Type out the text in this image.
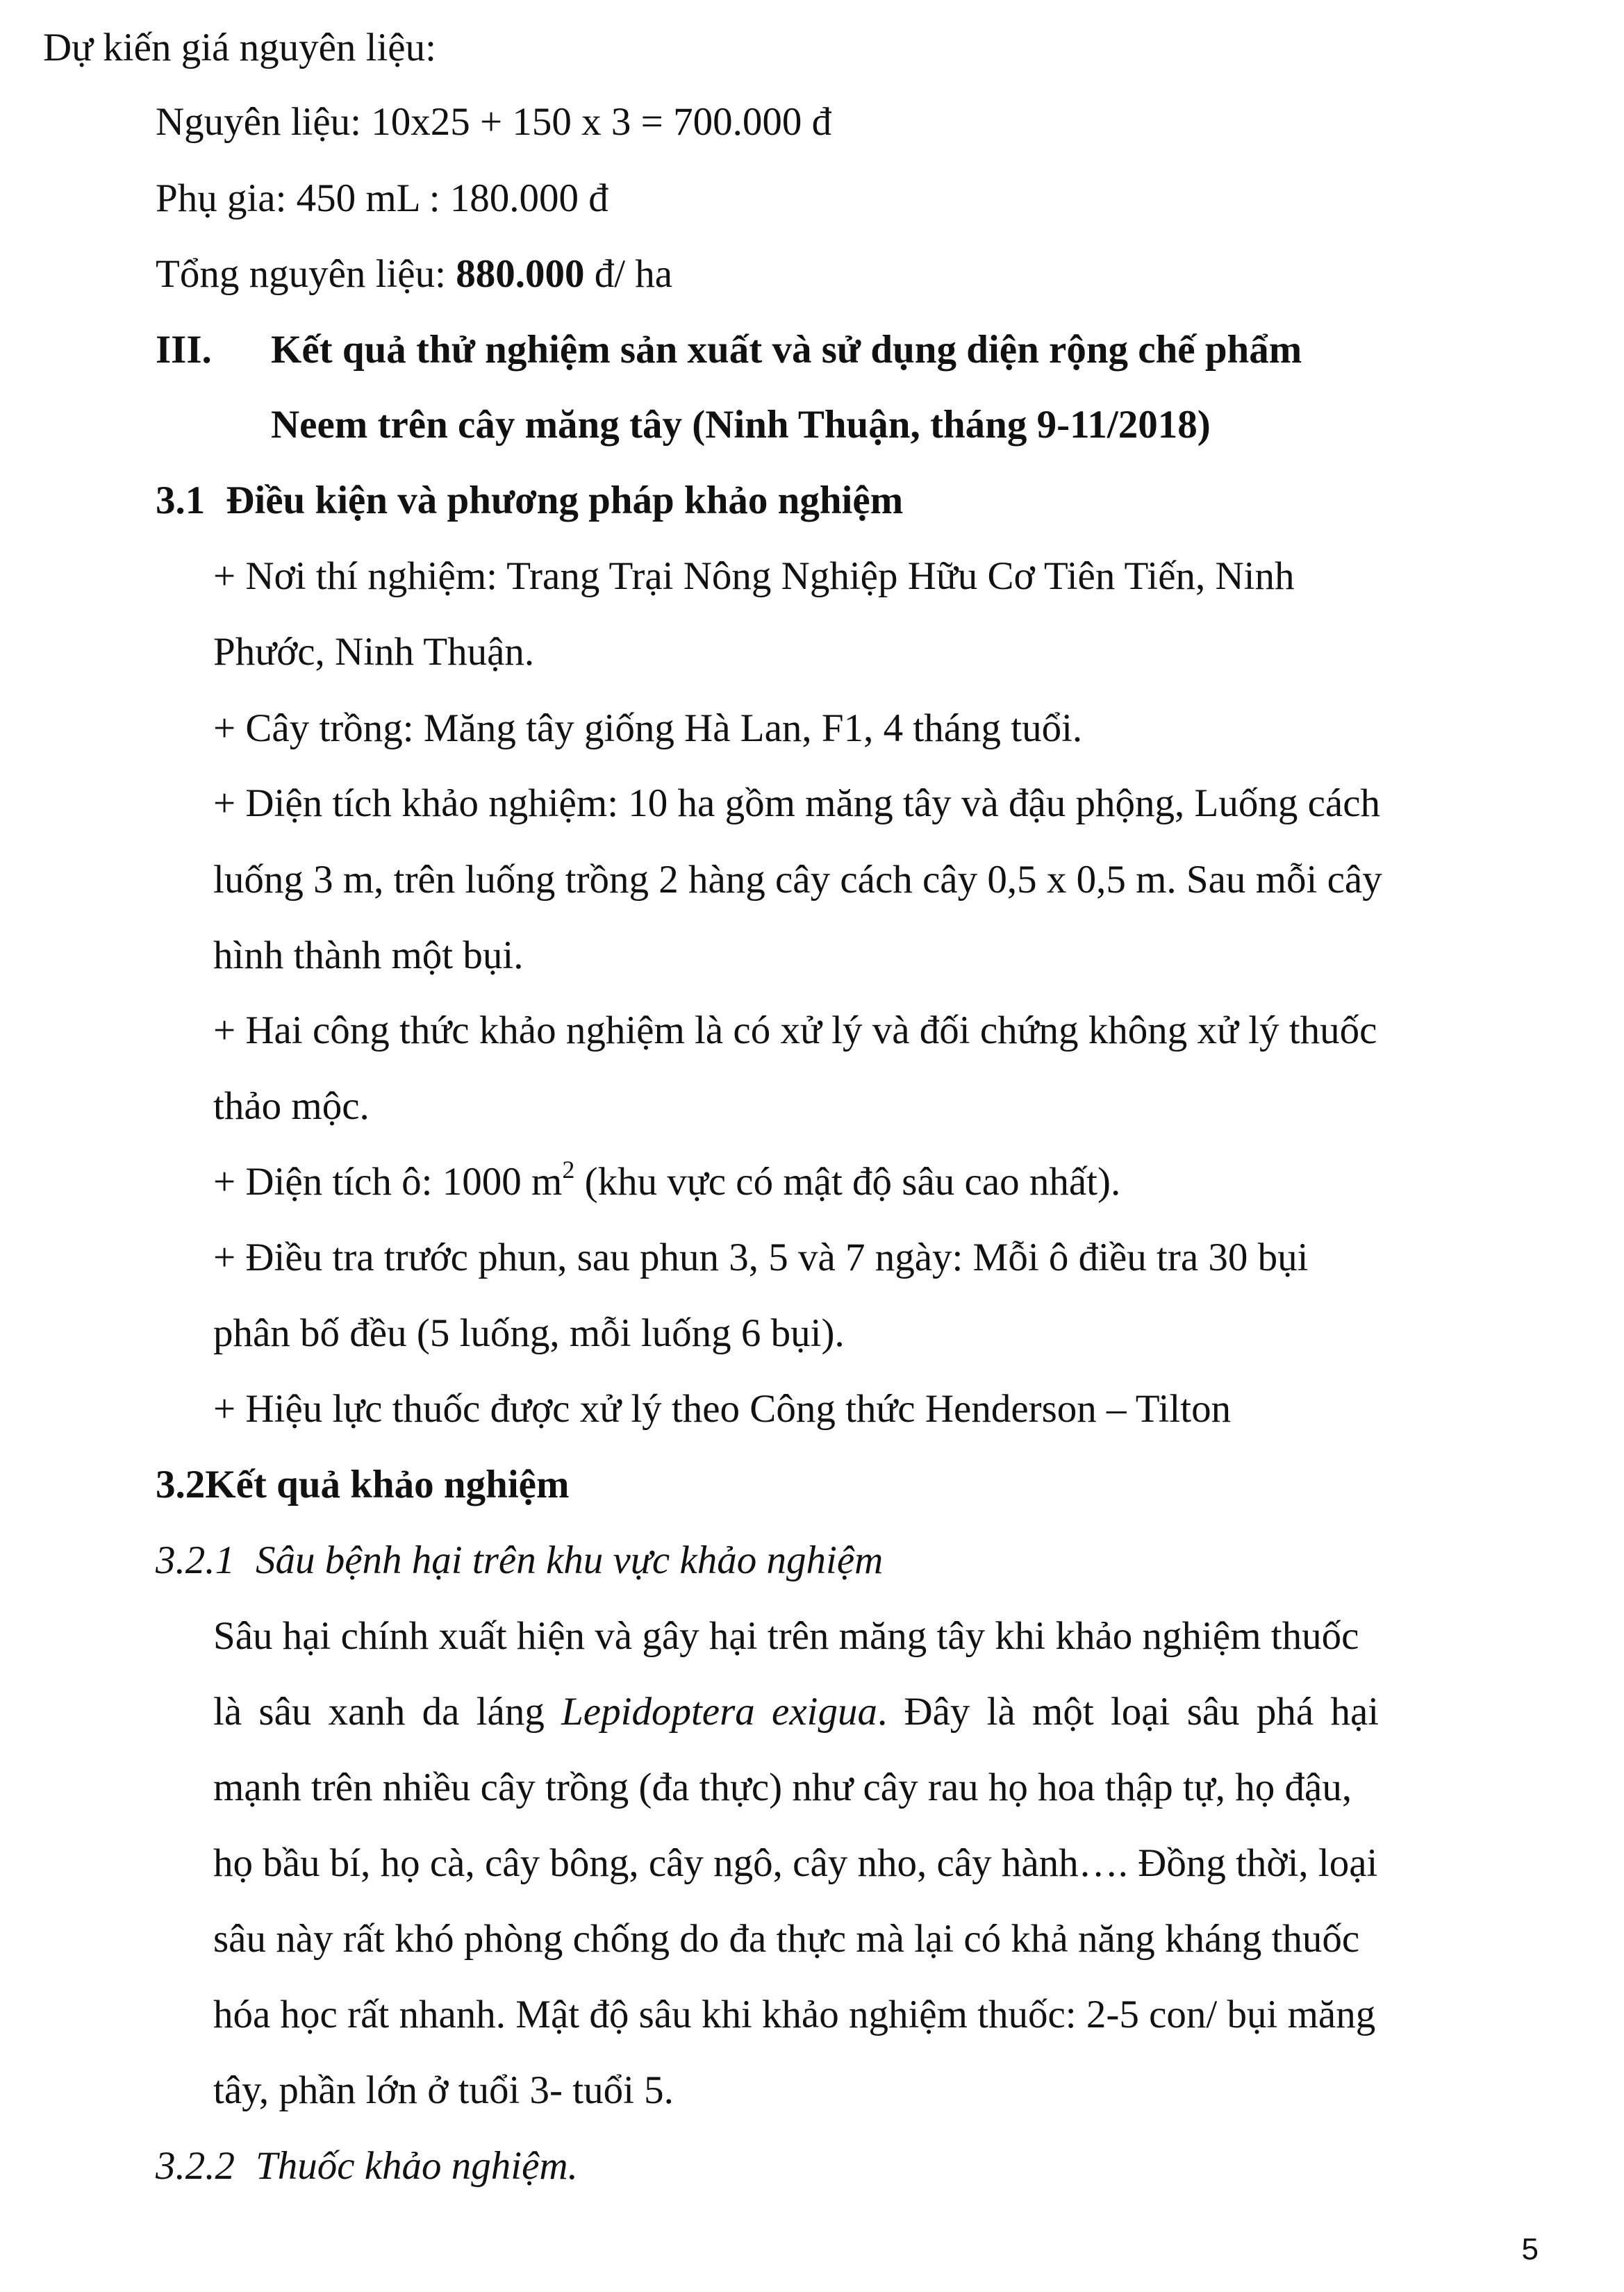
Dự kiến giá nguyên liệu:
Nguyên liệu: 10x25 + 150 x 3 = 700.000 đ
Phụ gia: 450 mL : 180.000 đ
Tổng nguyên liệu: 880.000 đ/ ha
III. Kết quả thử nghiệm sản xuất và sử dụng diện rộng chế phẩm
Neem trên cây măng tây (Ninh Thuận, tháng 9-11/2018)
3.1 Điều kiện và phương pháp khảo nghiệm
+ Nơi thí nghiệm: Trang Trại Nông Nghiệp Hữu Cơ Tiên Tiến, Ninh
Phước, Ninh Thuận.
+ Cây trồng: Măng tây giống Hà Lan, F1, 4 tháng tuổi.
+ Diện tích khảo nghiệm: 10 ha gồm măng tây và đậu phộng, Luống cách
luống 3 m, trên luống trồng 2 hàng cây cách cây 0,5 x 0,5 m. Sau mỗi cây
hình thành một bụi.
+ Hai công thức khảo nghiệm là có xử lý và đối chứng không xử lý thuốc
thảo mộc.
+ Diện tích ô: 1000 $m^2$ (khu vực có mật độ sâu cao nhất).
+ Điều tra trước phun, sau phun 3, 5 và 7 ngày: Mỗi ô điều tra 30 bụi
phân bố đều (5 luống, mỗi luống 6 bụi).
+ Hiệu lực thuốc được xử lý theo Công thức Henderson – Tilton
3.2Kết quả khảo nghiệm
3.2.1 Sâu bệnh hại trên khu vực khảo nghiệm
Sâu hại chính xuất hiện và gây hại trên măng tây khi khảo nghiệm thuốc
là sâu xanh da láng Lepidoptera exigua. Đây là một loại sâu phá hại
mạnh trên nhiều cây trồng (đa thực) như cây rau họ hoa thập tự, họ đậu,
họ bầu bí, họ cà, cây bông, cây ngô, cây nho, cây hành…. Đồng thời, loại
sâu này rất khó phòng chống do đa thực mà lại có khả năng kháng thuốc
hóa học rất nhanh. Mật độ sâu khi khảo nghiệm thuốc: 2-5 con/ bụi măng
tây, phần lớn ở tuổi 3- tuổi 5.
3.2.2 Thuốc khảo nghiệm.
5
